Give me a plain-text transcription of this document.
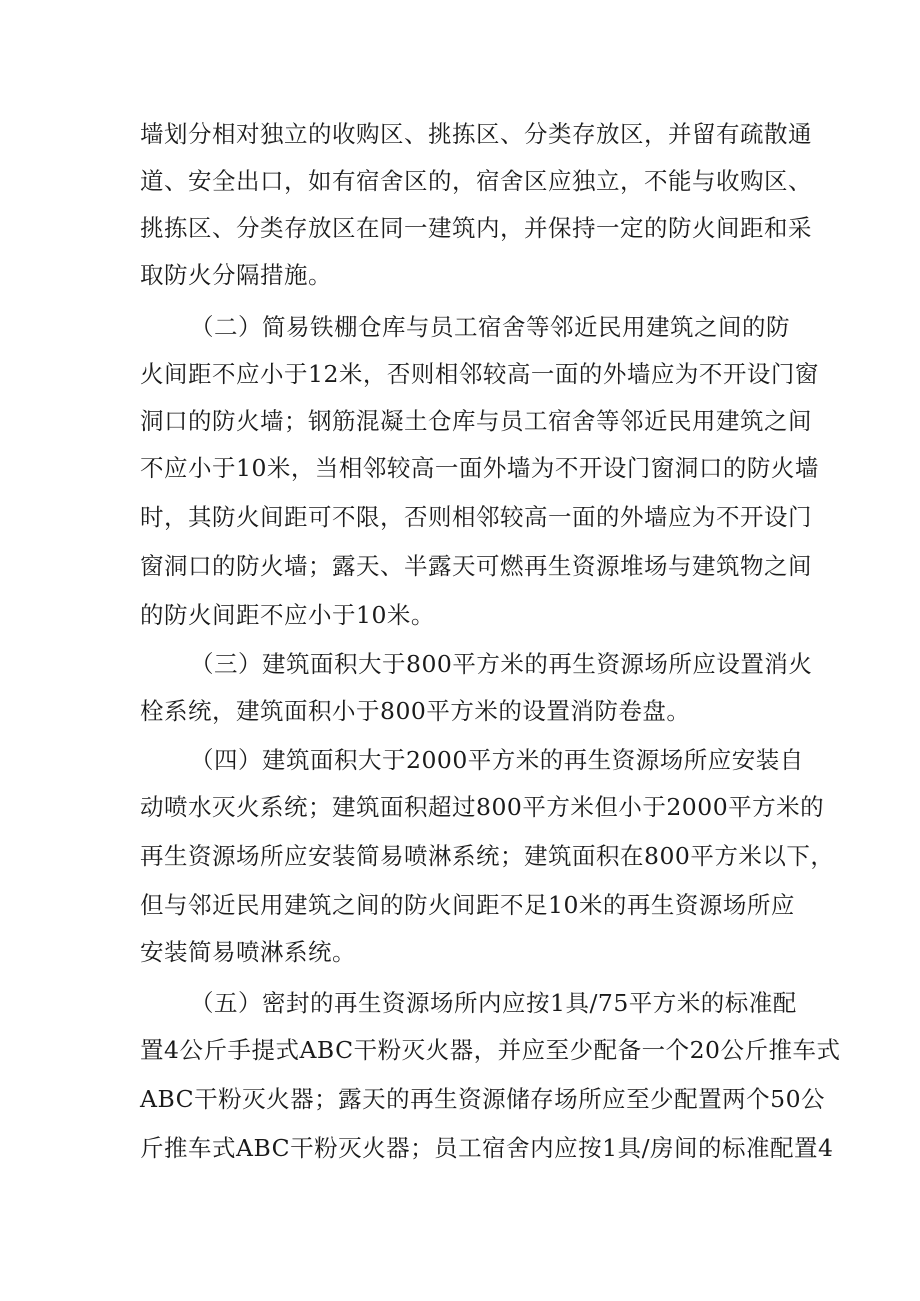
墙划分相对独立的收购区、挑拣区、分类存放区，并留有疏散通
道、安全出口，如有宿舍区的，宿舍区应独立，不能与收购区、
挑拣区、分类存放区在同一建筑内，并保持一定的防火间距和采
取防火分隔措施。
（二）简易铁棚仓库与员工宿舍等邻近民用建筑之间的防
火间距不应小于12米，否则相邻较高一面的外墙应为不开设门窗
洞口的防火墙；钢筋混凝土仓库与员工宿舍等邻近民用建筑之间
不应小于10米，当相邻较高一面外墙为不开设门窗洞口的防火墙
时，其防火间距可不限，否则相邻较高一面的外墙应为不开设门
窗洞口的防火墙；露天、半露天可燃再生资源堆场与建筑物之间
的防火间距不应小于10米。
（三）建筑面积大于800平方米的再生资源场所应设置消火
栓系统，建筑面积小于800平方米的设置消防卷盘。
（四）建筑面积大于2000平方米的再生资源场所应安装自
动喷水灭火系统；建筑面积超过800平方米但小于2000平方米的
再生资源场所应安装简易喷淋系统；建筑面积在800平方米以下，
但与邻近民用建筑之间的防火间距不足10米的再生资源场所应
安装简易喷淋系统。
（五）密封的再生资源场所内应按1具/75平方米的标准配
置4公斤手提式ABC干粉灭火器，并应至少配备一个20公斤推车式
ABC干粉灭火器；露天的再生资源储存场所应至少配置两个50公
斤推车式ABC干粉灭火器；员工宿舍内应按1具/房间的标准配置4
